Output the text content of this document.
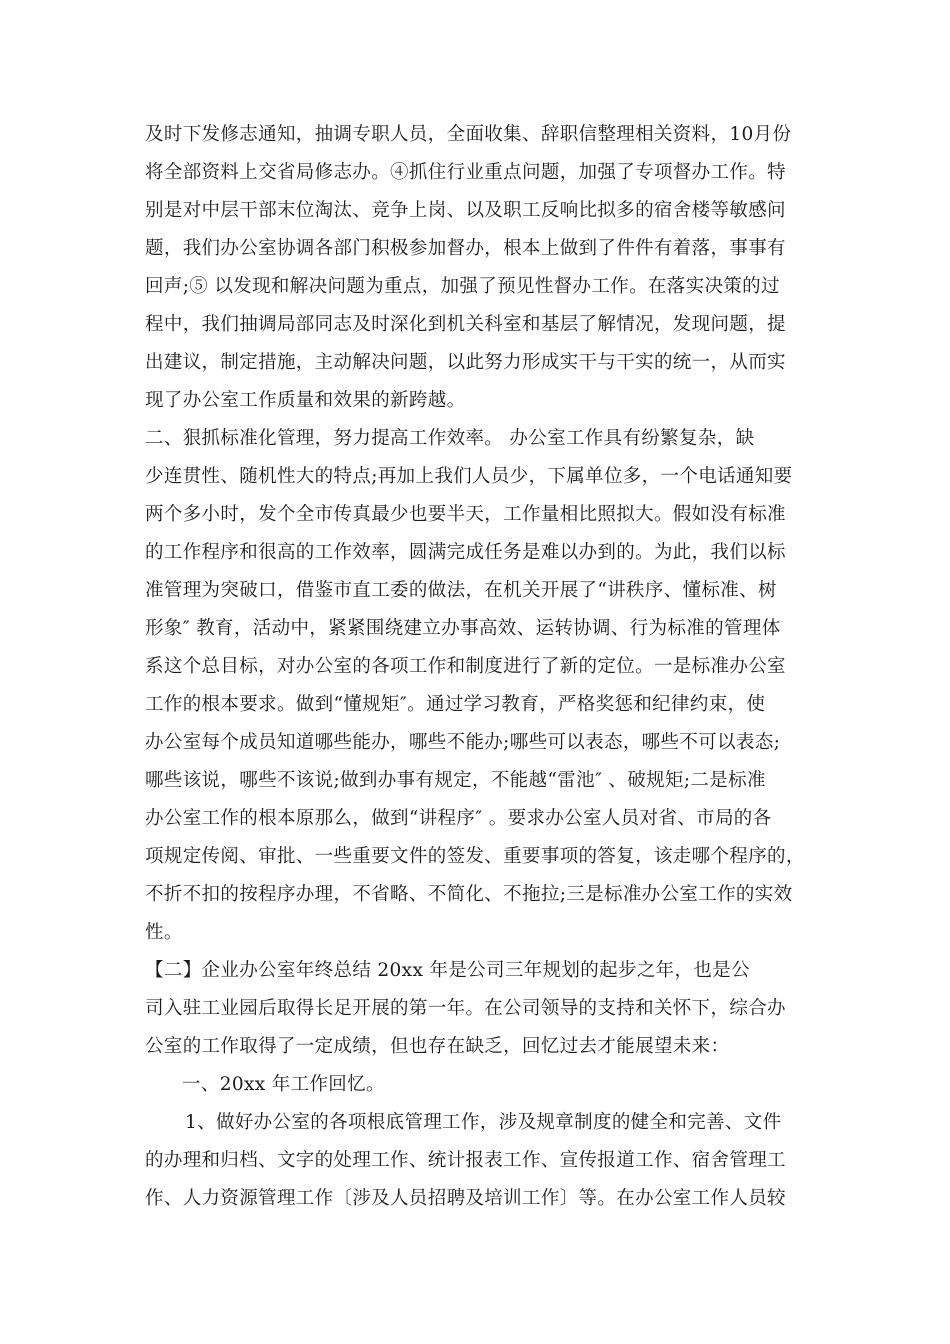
及时下发修志通知，抽调专职人员，全面收集、辞职信整理相关资料，10月份
将全部资料上交省局修志办。④抓住行业重点问题，加强了专项督办工作。特
别是对中层干部末位淘汰、竞争上岗、以及职工反响比拟多的宿舍楼等敏感问
题，我们办公室协调各部门积极参加督办，根本上做到了件件有着落，事事有
回声;⑤ 以发现和解决问题为重点，加强了预见性督办工作。在落实决策的过
程中，我们抽调局部同志及时深化到机关科室和基层了解情况，发现问题，提
出建议，制定措施，主动解决问题，以此努力形成实干与干实的统一，从而实
现了办公室工作质量和效果的新跨越。
二、狠抓标准化管理，努力提高工作效率。 办公室工作具有纷繁复杂，缺
少连贯性、随机性大的特点;再加上我们人员少，下属单位多，一个电话通知要
两个多小时，发个全市传真最少也要半天，工作量相比照拟大。假如没有标准
的工作程序和很高的工作效率，圆满完成任务是难以办到的。为此，我们以标
准管理为突破口，借鉴市直工委的做法，在机关开展了“讲秩序、懂标准、树
形象″ 教育，活动中，紧紧围绕建立办事高效、运转协调、行为标准的管理体
系这个总目标，对办公室的各项工作和制度进行了新的定位。一是标准办公室
工作的根本要求。做到“懂规矩″。通过学习教育，严格奖惩和纪律约束，使
办公室每个成员知道哪些能办，哪些不能办;哪些可以表态，哪些不可以表态;
哪些该说，哪些不该说;做到办事有规定，不能越“雷池″ 、破规矩;二是标准
办公室工作的根本原那么，做到“讲程序″ 。要求办公室人员对省、市局的各
项规定传阅、审批、一些重要文件的签发、重要事项的答复，该走哪个程序的，
不折不扣的按程序办理，不省略、不简化、不拖拉;三是标准办公室工作的实效
性。
【二】企业办公室年终总结 20xx 年是公司三年规划的起步之年，也是公
司入驻工业园后取得长足开展的第一年。在公司领导的支持和关怀下，综合办
公室的工作取得了一定成绩，但也存在缺乏，回忆过去才能展望未来：
一、20xx 年工作回忆。
1、做好办公室的各项根底管理工作，涉及规章制度的健全和完善、文件
的办理和归档、文字的处理工作、统计报表工作、宣传报道工作、宿舍管理工
作、人力资源管理工作〔涉及人员招聘及培训工作〕等。在办公室工作人员较
